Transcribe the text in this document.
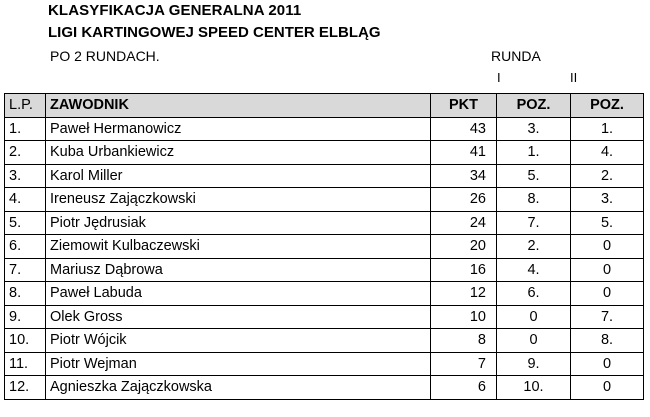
KLASYFIKACJA GENERALNA 2011
LIGI KARTINGOWEJ SPEED CENTER ELBLĄG
PO 2 RUNDACH.	RUNDA
I	II
L.P.	ZAWODNIK	PKT	POZ.	POZ.
1.	Paweł Hermanowicz	43	3.	1.
2.	Kuba Urbankiewicz	41	1.	4.
3.	Karol Miller	34	5.	2.
4.	Ireneusz Zajączkowski	26	8.	3.
5.	Piotr Jędrusiak	24	7.	5.
6.	Ziemowit Kulbaczewski	20	2.	0
7.	Mariusz Dąbrowa	16	4.	0
8.	Paweł Labuda	12	6.	0
9.	Olek Gross	10	0	7.
10.	Piotr Wójcik	8	0	8.
11.	Piotr Wejman	7	9.	0
12.	Agnieszka Zajączkowska	6	10.	0
